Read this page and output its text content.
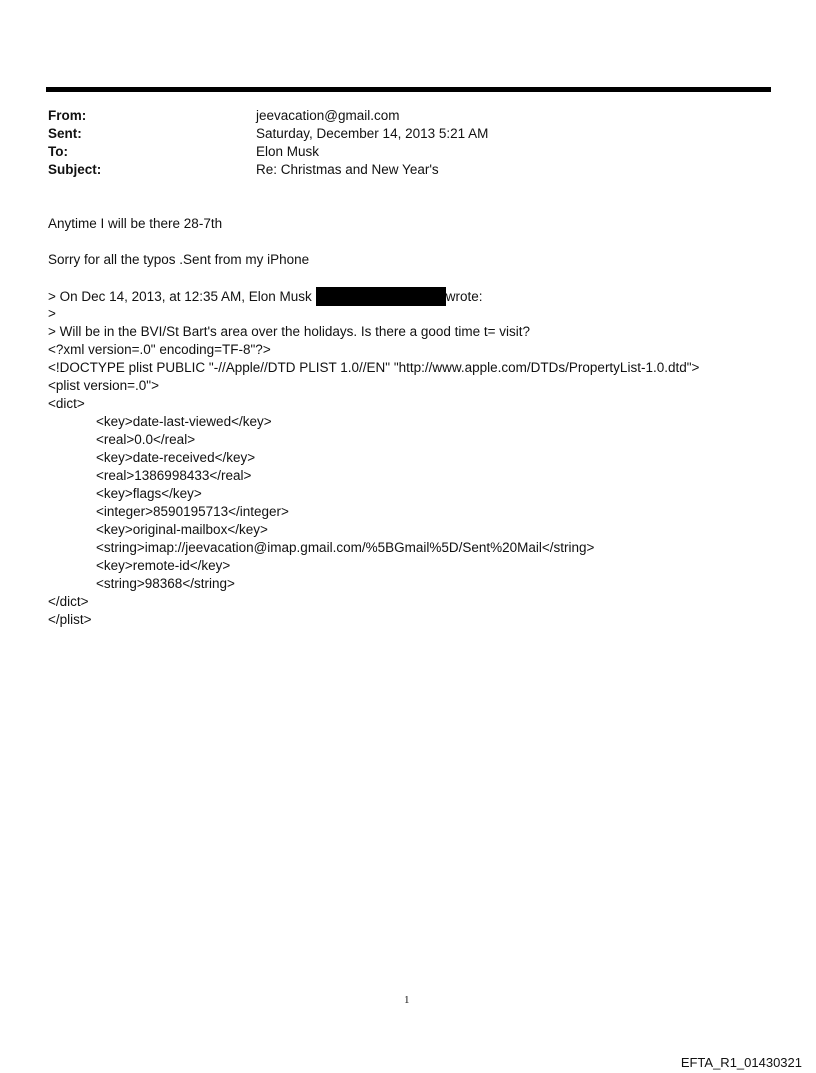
From:	jeevacation@gmail.com
Sent:	Saturday, December 14, 2013 5:21 AM
To:	Elon Musk
Subject:	Re: Christmas and New Year's
Anytime I will be there 28-7th
Sorry for all the typos .Sent from my iPhone
> On Dec 14, 2013, at 12:35 AM, Elon Musk	wrote:
>
> Will be in the BVI/St Bart's area over the holidays. Is there a good time t= visit?
<?xml version=.0" encoding=TF-8"?>
<!DOCTYPE plist PUBLIC "-//Apple//DTD PLIST 1.0//EN" "http://www.apple.com/DTDs/PropertyList-1.0.dtd">
<plist version=.0">
<dict>
<key>date-last-viewed</key>
<real>0.0</real>
<key>date-received</key>
<real>1386998433</real>
<key>flags</key>
<integer>8590195713</integer>
<key>original-mailbox</key>
<string>imap://jeevacation@imap.gmail.com/%5BGmail%5D/Sent%20Mail</string>
<key>remote-id</key>
<string>98368</string>
</dict>
</plist>
1
EFTA_R1_01430321
